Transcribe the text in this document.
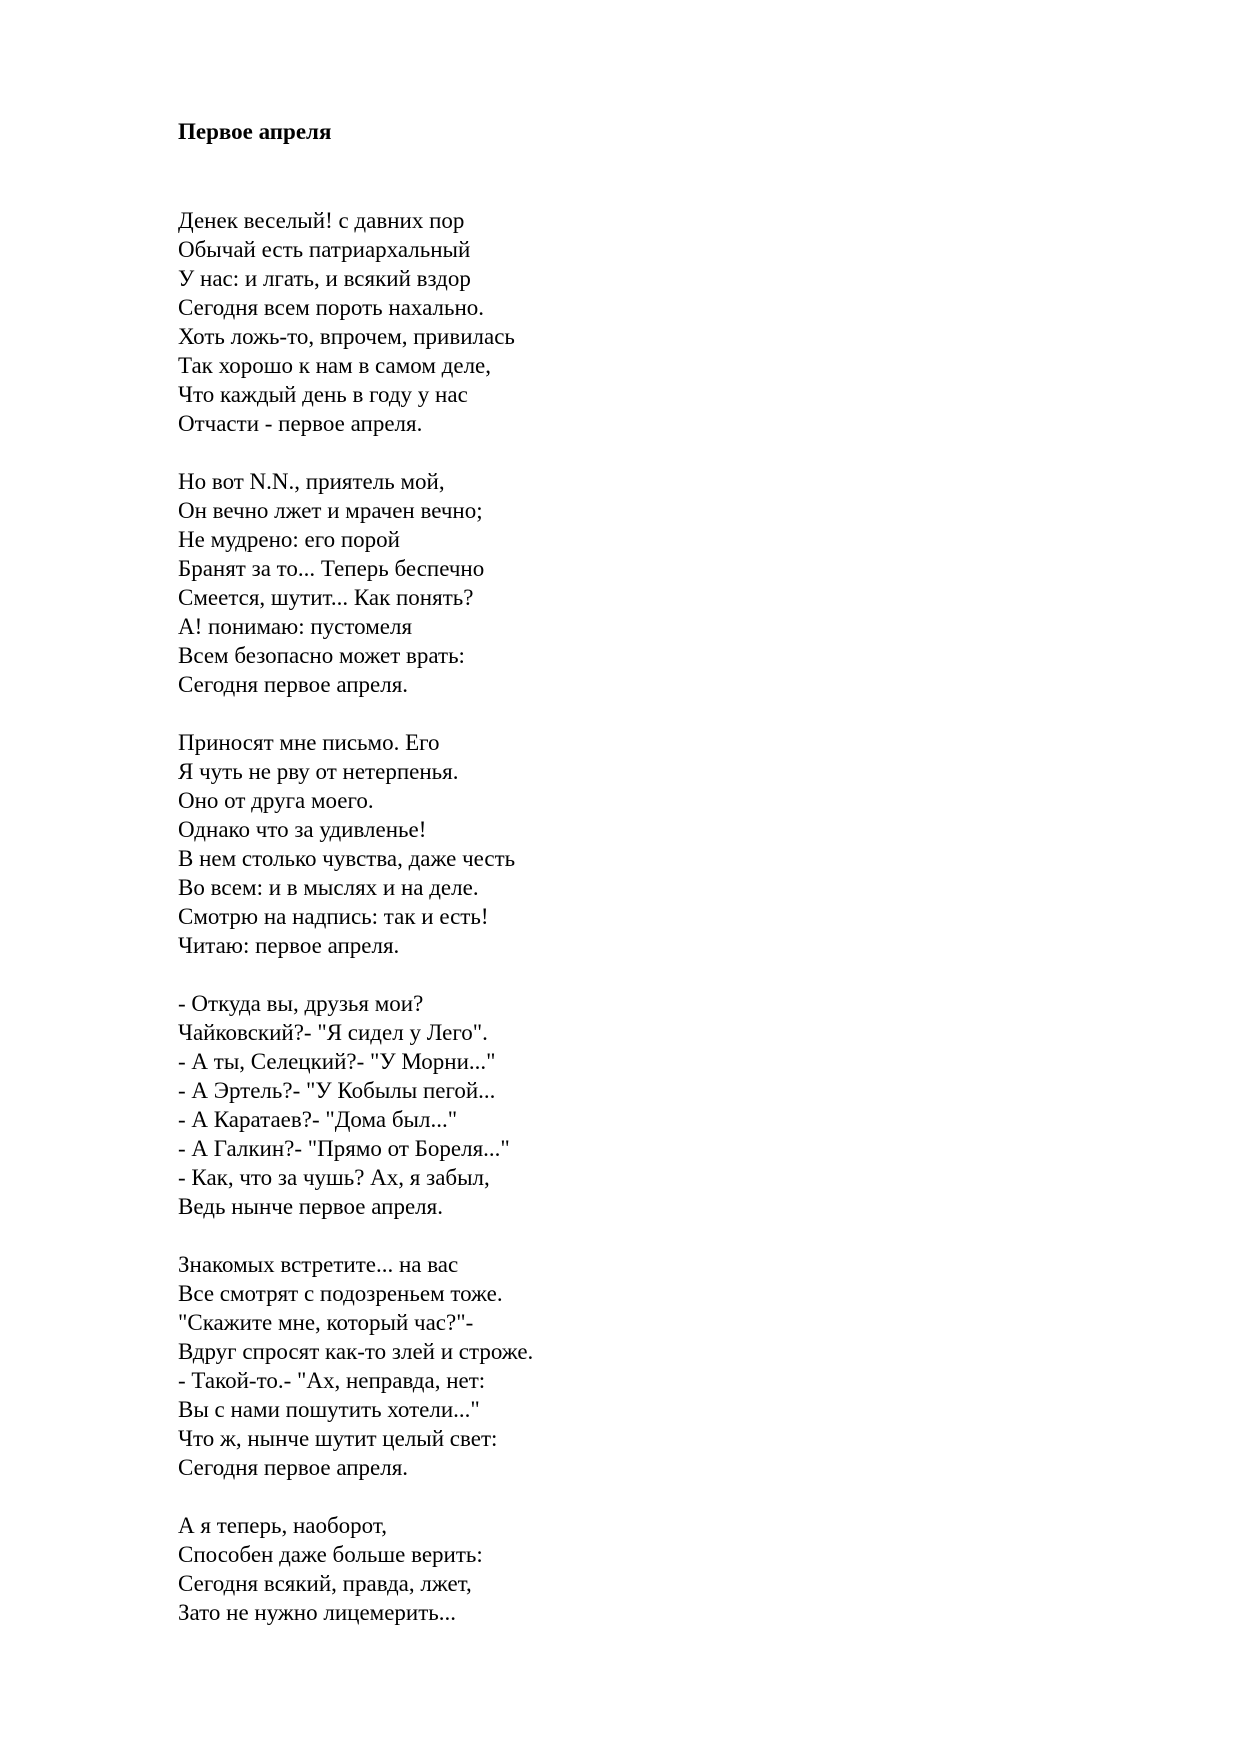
Первое апреля
Денек веселый! с давних пор
Обычай есть патриархальный
У нас: и лгать, и всякий вздор
Сегодня всем пороть нахально.
Хоть ложь-то, впрочем, привилась
Так хорошо к нам в самом деле,
Что каждый день в году у нас
Отчасти - первое апреля.
Но вот N.N., приятель мой,
Он вечно лжет и мрачен вечно;
Не мудрено: его порой
Бранят за то... Теперь беспечно
Смеется, шутит... Как понять?
А! понимаю: пустомеля
Всем безопасно может врать:
Сегодня первое апреля.
Приносят мне письмо. Его
Я чуть не рву от нетерпенья.
Оно от друга моего.
Однако что за удивленье!
В нем столько чувства, даже честь
Во всем: и в мыслях и на деле.
Смотрю на надпись: так и есть!
Читаю: первое апреля.
- Откуда вы, друзья мои?
Чайковский?- "Я сидел у Лего".
- А ты, Селецкий?- "У Морни..."
- А Эртель?- "У Кобылы пегой...
- А Каратаев?- "Дома был..."
- А Галкин?- "Прямо от Бореля..."
- Как, что за чушь? Ах, я забыл,
Ведь нынче первое апреля.
Знакомых встретите... на вас
Все смотрят с подозреньем тоже.
"Скажите мне, который час?"-
Вдруг спросят как-то злей и строже.
- Такой-то.- "Ах, неправда, нет:
Вы с нами пошутить хотели..."
Что ж, нынче шутит целый свет:
Сегодня первое апреля.
А я теперь, наоборот,
Способен даже больше верить:
Сегодня всякий, правда, лжет,
Зато не нужно лицемерить...
